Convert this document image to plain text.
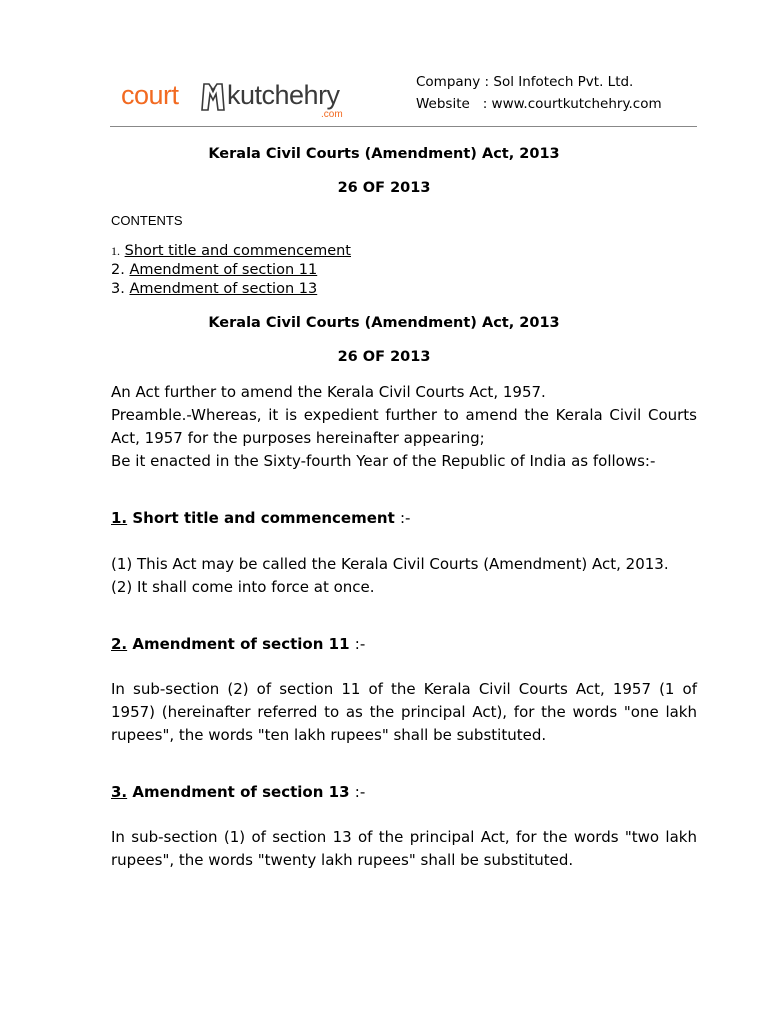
court kutchehry
.com
Company : Sol Infotech Pvt. Ltd.
Website   : www.courtkutchehry.com
Kerala Civil Courts (Amendment) Act, 2013
26 OF 2013
CONTENTS
1. Short title and commencement
2. Amendment of section 11
3. Amendment of section 13
Kerala Civil Courts (Amendment) Act, 2013
26 OF 2013

An Act further to amend the Kerala Civil Courts Act, 1957.

Preamble.-Whereas, it is expedient further to amend the Kerala Civil Courts Act, 1957 for the purposes hereinafter appearing;

Be it enacted in the Sixty-fourth Year of the Republic of India as follows:-

1. Short title and commencement :-

(1) This Act may be called the Kerala Civil Courts (Amendment) Act, 2013.

(2) It shall come into force at once.

2. Amendment of section 11 :-

In sub-section (2) of section 11 of the Kerala Civil Courts Act, 1957 (1 of 1957) (hereinafter referred to as the principal Act), for the words "one lakh rupees", the words "ten lakh rupees" shall be substituted.

3. Amendment of section 13 :-

In sub-section (1) of section 13 of the principal Act, for the words "two lakh rupees", the words "twenty lakh rupees" shall be substituted.
